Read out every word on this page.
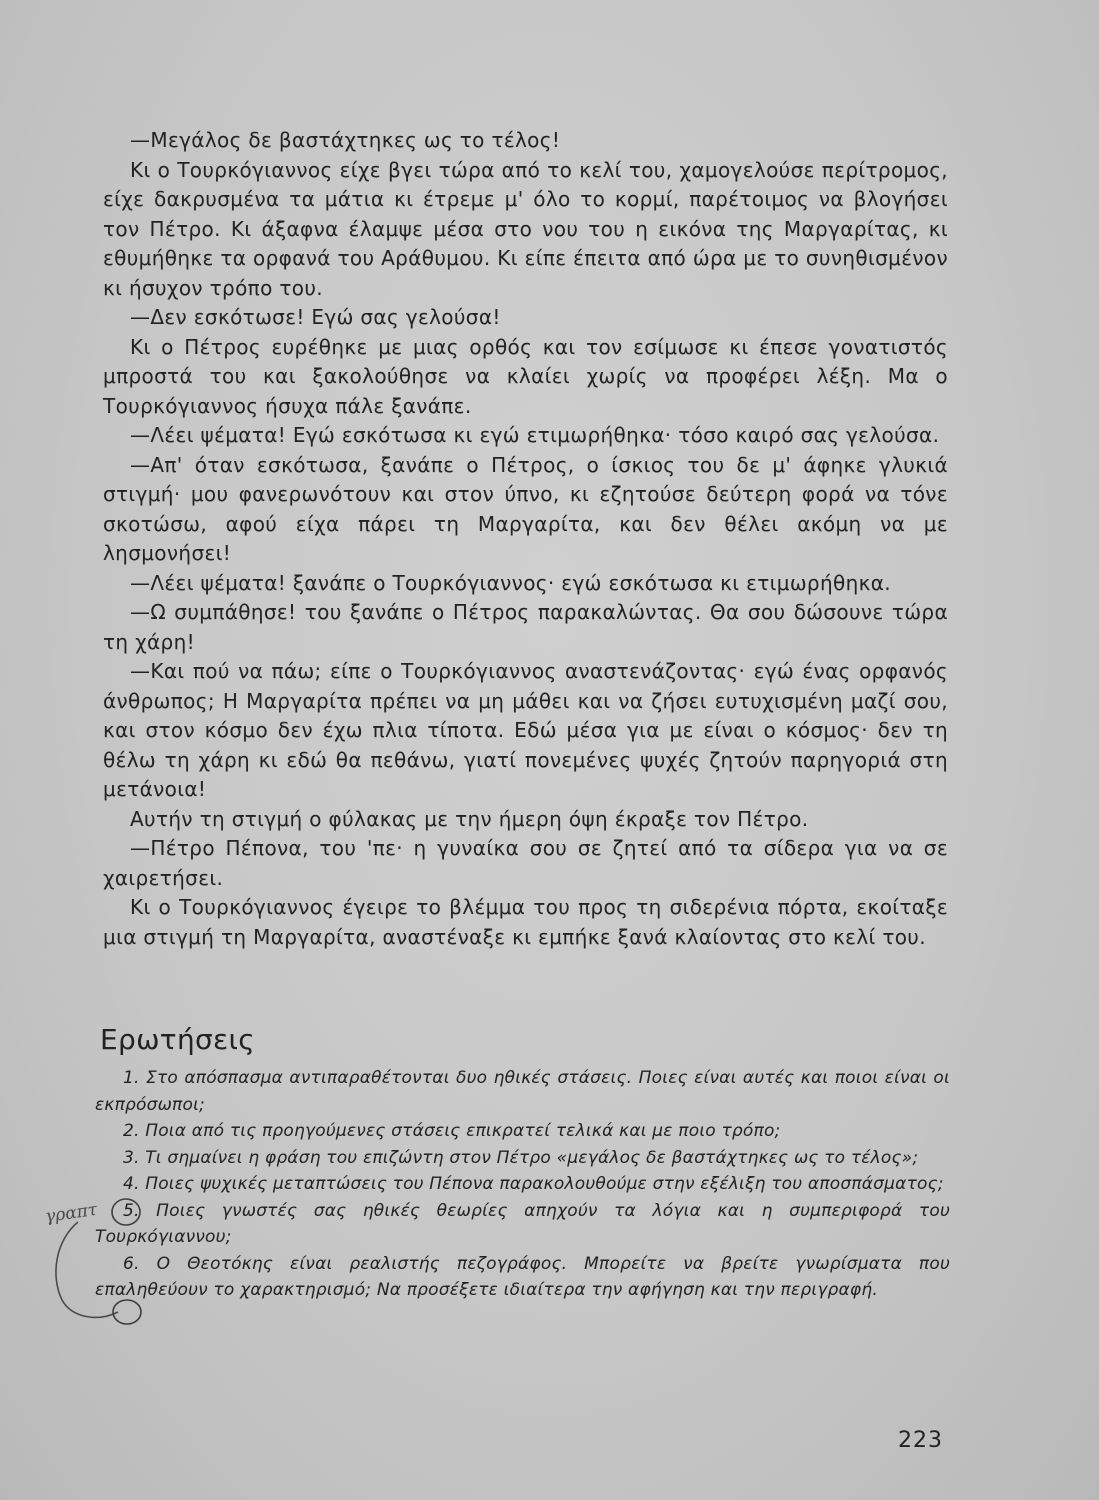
—Μεγάλος δε βαστάχτηκες ως το τέλος!

Κι ο Τουρκόγιαννος είχε βγει τώρα από το κελί του, χαμογελούσε περίτρομος, είχε δακρυσμένα τα μάτια κι έτρεμε μ' όλο το κορμί, παρέτοιμος να βλογήσει τον Πέτρο. Κι άξαφνα έλαμψε μέσα στο νου του η εικόνα της Μαργαρίτας, κι εθυμήθηκε τα ορφανά του Αράθυμου. Κι είπε έπειτα από ώρα με το συνηθισμένον κι ήσυχον τρόπο του.

—Δεν εσκότωσε! Εγώ σας γελούσα!

Κι ο Πέτρος ευρέθηκε με μιας ορθός και τον εσίμωσε κι έπεσε γονατιστός μπροστά του και ξακολούθησε να κλαίει χωρίς να προφέρει λέξη. Μα ο Τουρκόγιαννος ήσυχα πάλε ξανάπε.

—Λέει ψέματα! Εγώ εσκότωσα κι εγώ ετιμωρήθηκα· τόσο καιρό σας γελούσα.

—Απ' όταν εσκότωσα, ξανάπε ο Πέτρος, ο ίσκιος του δε μ' άφηκε γλυκιά στιγμή· μου φανερωνότουν και στον ύπνο, κι εζητούσε δεύτερη φορά να τόνε σκοτώσω, αφού είχα πάρει τη Μαργαρίτα, και δεν θέλει ακόμη να με λησμονήσει!

—Λέει ψέματα! ξανάπε ο Τουρκόγιαννος· εγώ εσκότωσα κι ετιμωρήθηκα.

—Ω συμπάθησε! του ξανάπε ο Πέτρος παρακαλώντας. Θα σου δώσουνε τώρα τη χάρη!

—Και πού να πάω; είπε ο Τουρκόγιαννος αναστενάζοντας· εγώ ένας ορφανός άνθρωπος; Η Μαργαρίτα πρέπει να μη μάθει και να ζήσει ευτυχισμένη μαζί σου, και στον κόσμο δεν έχω πλια τίποτα. Εδώ μέσα για με είναι ο κόσμος· δεν τη θέλω τη χάρη κι εδώ θα πεθάνω, γιατί πονεμένες ψυχές ζητούν παρηγοριά στη μετάνοια!

Αυτήν τη στιγμή ο φύλακας με την ήμερη όψη έκραξε τον Πέτρο.

—Πέτρο Πέπονα, του 'πε· η γυναίκα σου σε ζητεί από τα σίδερα για να σε χαιρετήσει.

Κι ο Τουρκόγιαννος έγειρε το βλέμμα του προς τη σιδερένια πόρτα, εκοίταξε μια στιγμή τη Μαργαρίτα, αναστέναξε κι εμπήκε ξανά κλαίοντας στο κελί του.

Ερωτήσεις

1. Στο απόσπασμα αντιπαραθέτονται δυο ηθικές στάσεις. Ποιες είναι αυτές και ποιοι είναι οι εκπρόσωποι;

2. Ποια από τις προηγούμενες στάσεις επικρατεί τελικά και με ποιο τρόπο;

3. Τι σημαίνει η φράση του επιζώντη στον Πέτρο «μεγάλος δε βαστάχτηκες ως το τέλος»;

4. Ποιες ψυχικές μεταπτώσεις του Πέπονα παρακολουθούμε στην εξέλιξη του αποσπάσματος;

5. Ποιες γνωστές σας ηθικές θεωρίες απηχούν τα λόγια και η συμπεριφορά του Τουρκόγιαννου;

6. Ο Θεοτόκης είναι ρεαλιστής πεζογράφος. Μπορείτε να βρείτε γνωρίσματα που επαληθεύουν το χαρακτηρισμό; Να προσέξετε ιδιαίτερα την αφήγηση και την περιγραφή.

γραπτ
223
